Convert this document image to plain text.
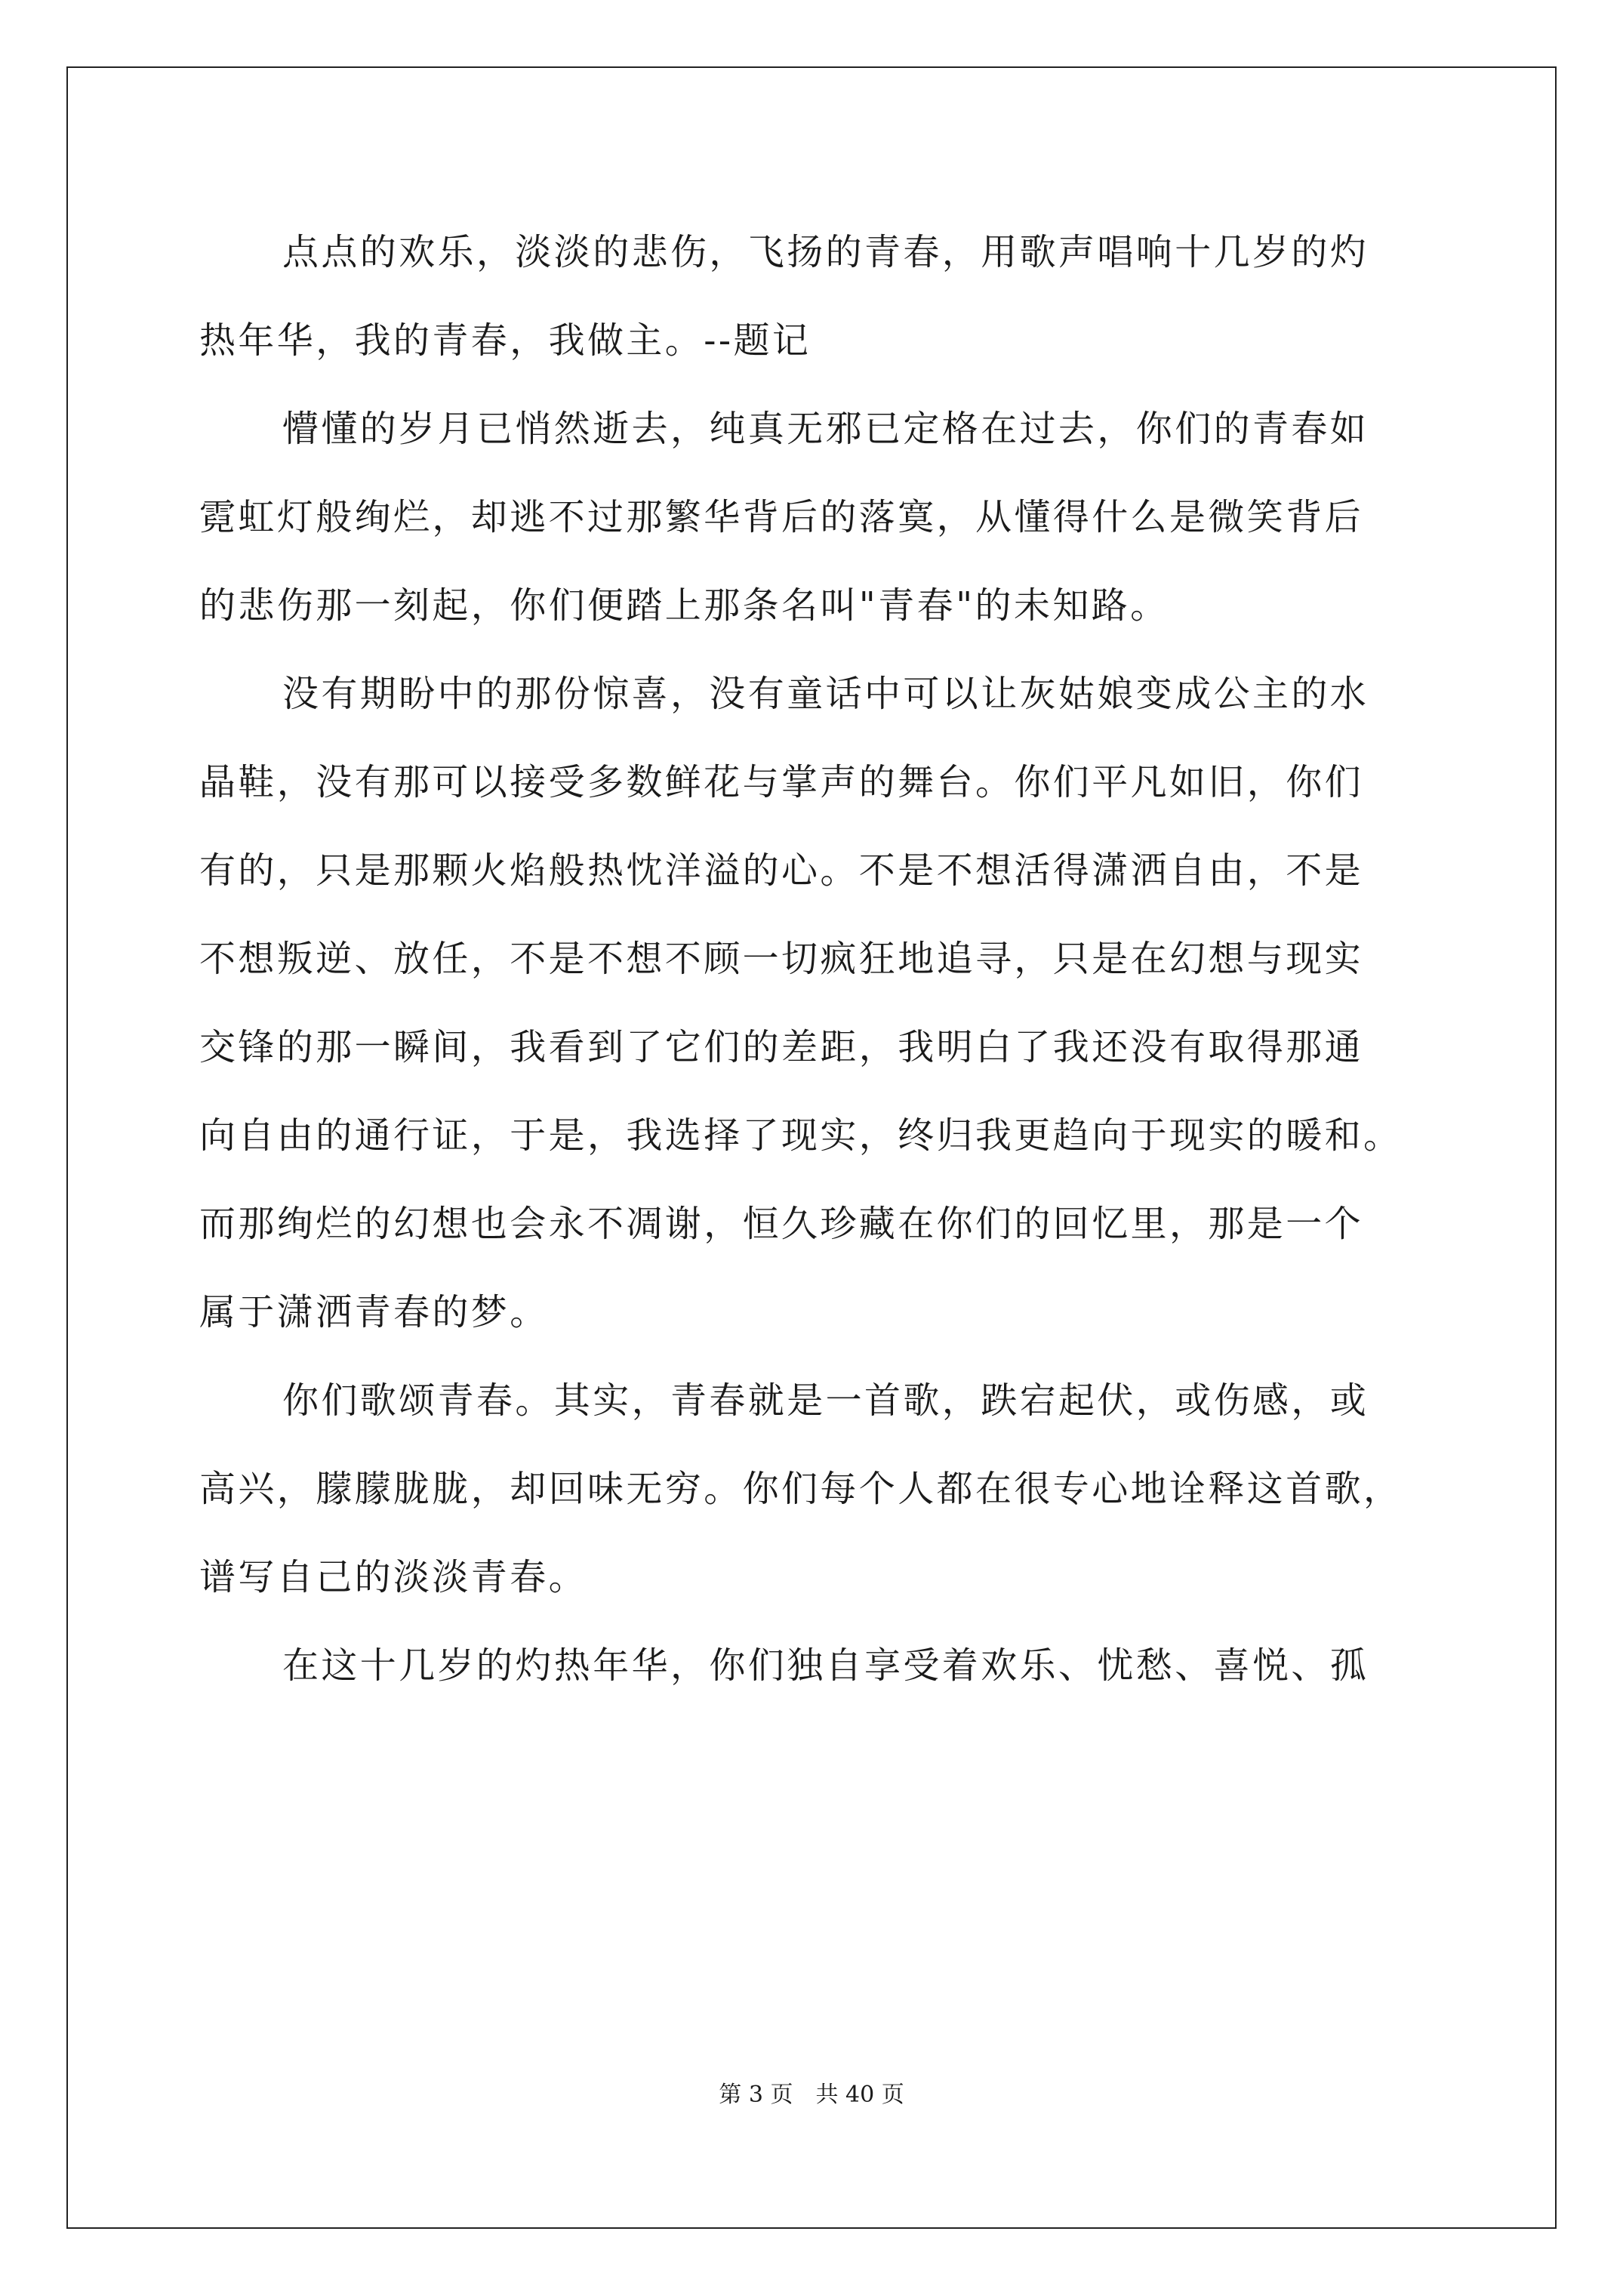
点点的欢乐，淡淡的悲伤，飞扬的青春，用歌声唱响十几岁的灼
热年华，我的青春，我做主。--题记
懵懂的岁月已悄然逝去，纯真无邪已定格在过去，你们的青春如
霓虹灯般绚烂，却逃不过那繁华背后的落寞，从懂得什么是微笑背后
的悲伤那一刻起，你们便踏上那条名叫"青春"的未知路。
没有期盼中的那份惊喜，没有童话中可以让灰姑娘变成公主的水
晶鞋，没有那可以接受多数鲜花与掌声的舞台。你们平凡如旧，你们
有的，只是那颗火焰般热忱洋溢的心。不是不想活得潇洒自由，不是
不想叛逆、放任，不是不想不顾一切疯狂地追寻，只是在幻想与现实
交锋的那一瞬间，我看到了它们的差距，我明白了我还没有取得那通
向自由的通行证，于是，我选择了现实，终归我更趋向于现实的暖和。
而那绚烂的幻想也会永不凋谢，恒久珍藏在你们的回忆里，那是一个
属于潇洒青春的梦。
你们歌颂青春。其实，青春就是一首歌，跌宕起伏，或伤感，或
高兴，朦朦胧胧，却回味无穷。你们每个人都在很专心地诠释这首歌，
谱写自己的淡淡青春。
在这十几岁的灼热年华，你们独自享受着欢乐、忧愁、喜悦、孤
第 3 页 共 40 页
